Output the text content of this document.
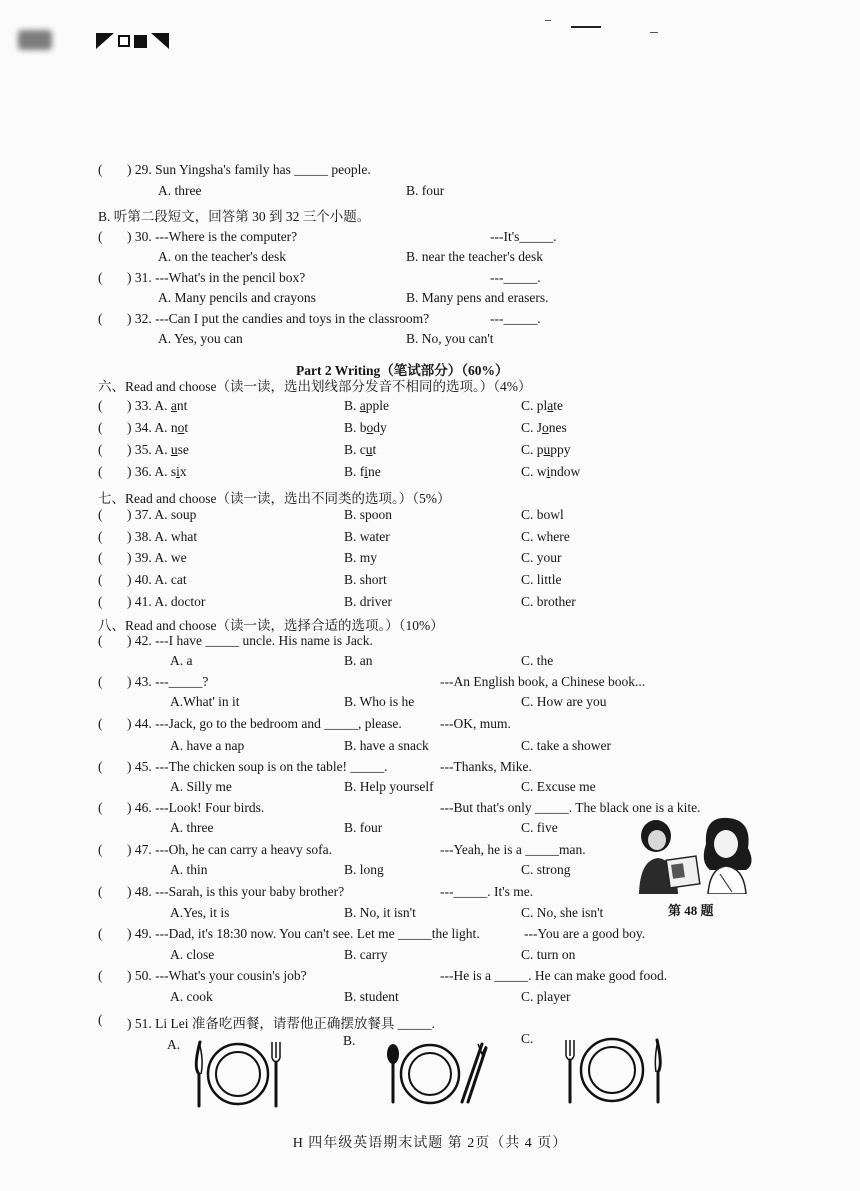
( ) 29. Sun Yingsha's family has _____ people.
A. three	B. four
B. 听第二段短文，回答第 30 到 32 三个小题。
( ) 30. ---Where is the computer?	---It's_____.
A. on the teacher's desk	B. near the teacher's desk
( ) 31. ---What's in the pencil box?	---_____.
A. Many pencils and crayons	B. Many pens and erasers.
( ) 32. ---Can I put the candies and toys in the classroom?	---_____.
A. Yes, you can	B. No, you can't
Part 2 Writing（笔试部分）（60%）
六、Read and choose（读一读，选出划线部分发音不相同的选项。）（4%）
( ) 33. A. ant	B. apple	C. plate
( ) 34. A. not	B. body	C. Jones
( ) 35. A. use	B. cut	C. puppy
( ) 36. A. six	B. fine	C. window
七、Read and choose（读一读，选出不同类的选项。）（5%）
( ) 37. A. soup	B. spoon	C. bowl
( ) 38. A. what	B. water	C. where
( ) 39. A. we	B. my	C. your
( ) 40. A. cat	B. short	C. little
( ) 41. A. doctor	B. driver	C. brother
八、Read and choose（读一读，选择合适的选项。）（10%）
( ) 42. ---I have _____ uncle. His name is Jack.
A. a	B. an	C. the
( ) 43. ---_____?	---An English book, a Chinese book...
A.What' in it	B. Who is he	C. How are you
( ) 44. ---Jack, go to the bedroom and _____, please.	---OK, mum.
A. have a nap	B. have a snack	C. take a shower
( ) 45. ---The chicken soup is on the table! _____.	---Thanks, Mike.
A. Silly me	B. Help yourself	C. Excuse me
( ) 46. ---Look! Four birds.	---But that's only _____. The black one is a kite.
A. three	B. four	C. five
( ) 47. ---Oh, he can carry a heavy sofa.	---Yeah, he is a _____man.
A. thin	B. long	C. strong
( ) 48. ---Sarah, is this your baby brother?	---_____. It's me.
A.Yes, it is	B. No, it isn't	C. No, she isn't	第 48 题
( ) 49. ---Dad, it's 18:30 now. You can't see. Let me _____the light.	---You are a good boy.
A. close	B. carry	C. turn on
( ) 50. ---What's your cousin's job?	---He is a _____. He can make good food.
A. cook	B. student	C. player
( ) 51. Li Lei 准备吃西餐，请帮他正确摆放餐具 _____.
A.	B.	C.
H 四年级英语期末试题 第 2页（共 4 页）
